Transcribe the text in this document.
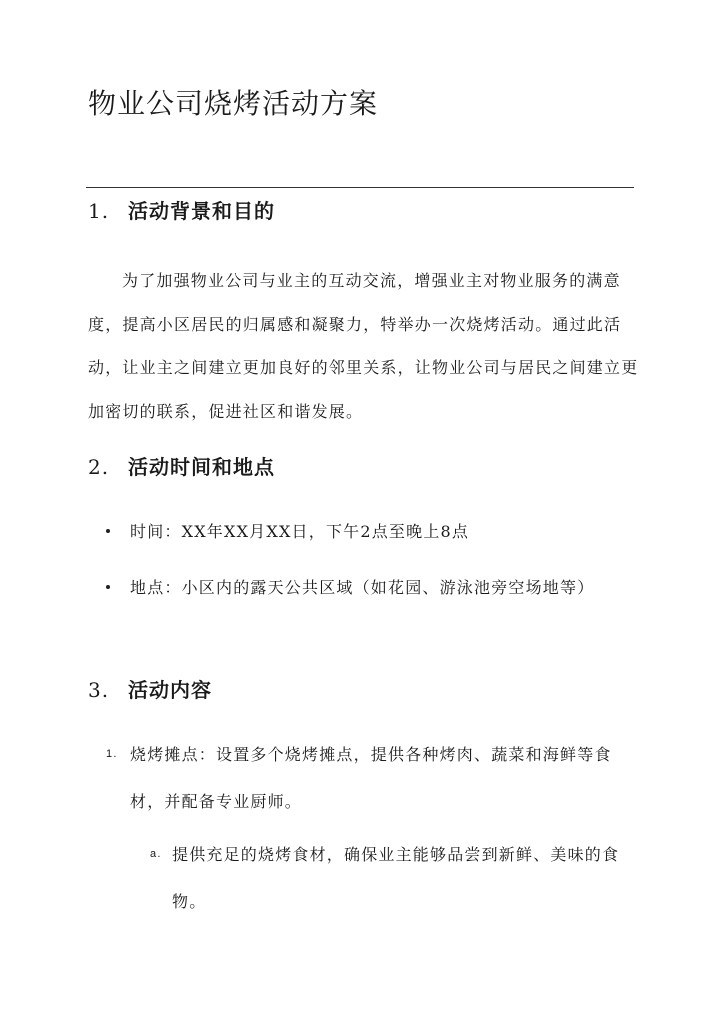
物业公司烧烤活动方案
1. 活动背景和目的

为了加强物业公司与业主的互动交流，增强业主对物业服务的满意度，提高小区居民的归属感和凝聚力，特举办一次烧烤活动。通过此活动，让业主之间建立更加良好的邻里关系，让物业公司与居民之间建立更加密切的联系，促进社区和谐发展。

2. 活动时间和地点
时间：XX年XX月XX日，下午2点至晚上8点
地点：小区内的露天公共区域（如花园、游泳池旁空场地等）
3. 活动内容
1. 烧烤摊点：设置多个烧烤摊点，提供各种烤肉、蔬菜和海鲜等食材，并配备专业厨师。
a. 提供充足的烧烤食材，确保业主能够品尝到新鲜、美味的食物。
